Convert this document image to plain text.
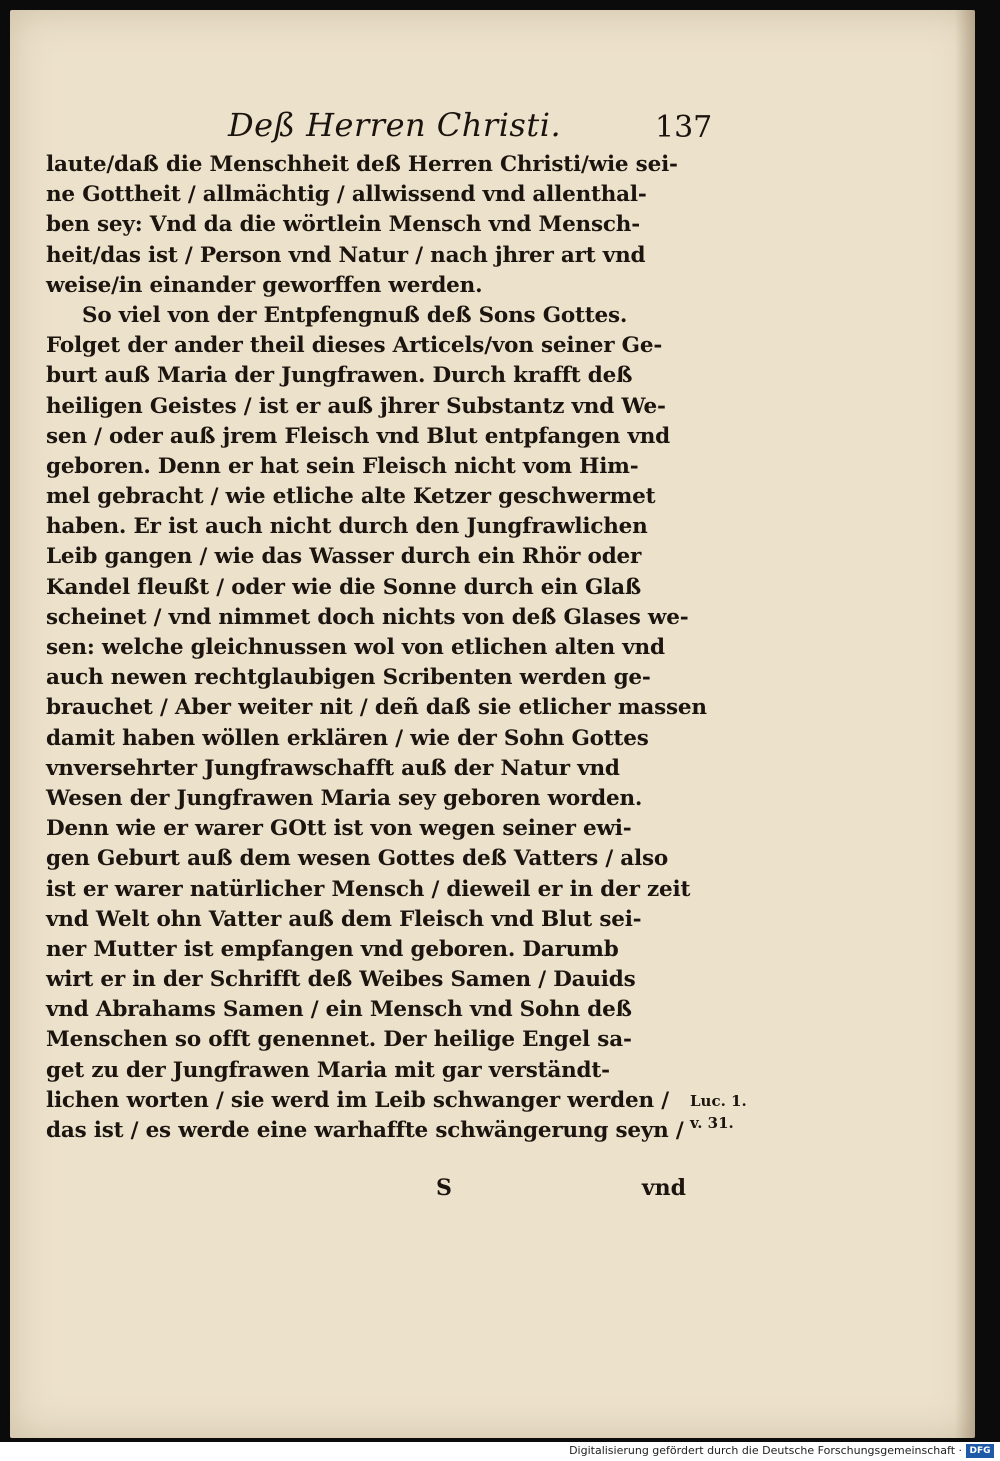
Deß Herren Christi.	137
laute/daß die Menschheit deß Herren Christi/wie sei-
ne Gottheit / allmächtig / allwissend vnd allenthal-
ben sey: Vnd da die wörtlein Mensch vnd Mensch-
heit/das ist / Person vnd Natur / nach jhrer art vnd
weise/in einander geworffen werden.
So viel von der Entpfengnuß deß Sons Gottes.
Folget der ander theil dieses Articels/von seiner Ge-
burt auß Maria der Jungfrawen. Durch krafft deß
heiligen Geistes / ist er auß jhrer Substantz vnd We-
sen / oder auß jrem Fleisch vnd Blut entpfangen vnd
geboren. Denn er hat sein Fleisch nicht vom Him-
mel gebracht / wie etliche alte Ketzer geschwermet
haben. Er ist auch nicht durch den Jungfrawlichen
Leib gangen / wie das Wasser durch ein Rhör oder
Kandel fleußt / oder wie die Sonne durch ein Glaß
scheinet / vnd nimmet doch nichts von deß Glases we-
sen: welche gleichnussen wol von etlichen alten vnd
auch newen rechtglaubigen Scribenten werden ge-
brauchet / Aber weiter nit / deñ daß sie etlicher massen
damit haben wöllen erklären / wie der Sohn Gottes
vnversehrter Jungfrawschafft auß der Natur vnd
Wesen der Jungfrawen Maria sey geboren worden.
Denn wie er warer GOtt ist von wegen seiner ewi-
gen Geburt auß dem wesen Gottes deß Vatters / also
ist er warer natürlicher Mensch / dieweil er in der zeit
vnd Welt ohn Vatter auß dem Fleisch vnd Blut sei-
ner Mutter ist empfangen vnd geboren. Darumb
wirt er in der Schrifft deß Weibes Samen / Dauids
vnd Abrahams Samen / ein Mensch vnd Sohn deß
Menschen so offt genennet. Der heilige Engel sa-
get zu der Jungfrawen Maria mit gar verständt-
lichen worten / sie werd im Leib schwanger werden /
das ist / es werde eine warhaffte schwängerung seyn /
S	vnd
Luc. 1.
v. 31.
Digitalisierung gefördert durch die Deutsche Forschungsgemeinschaft · DFG
